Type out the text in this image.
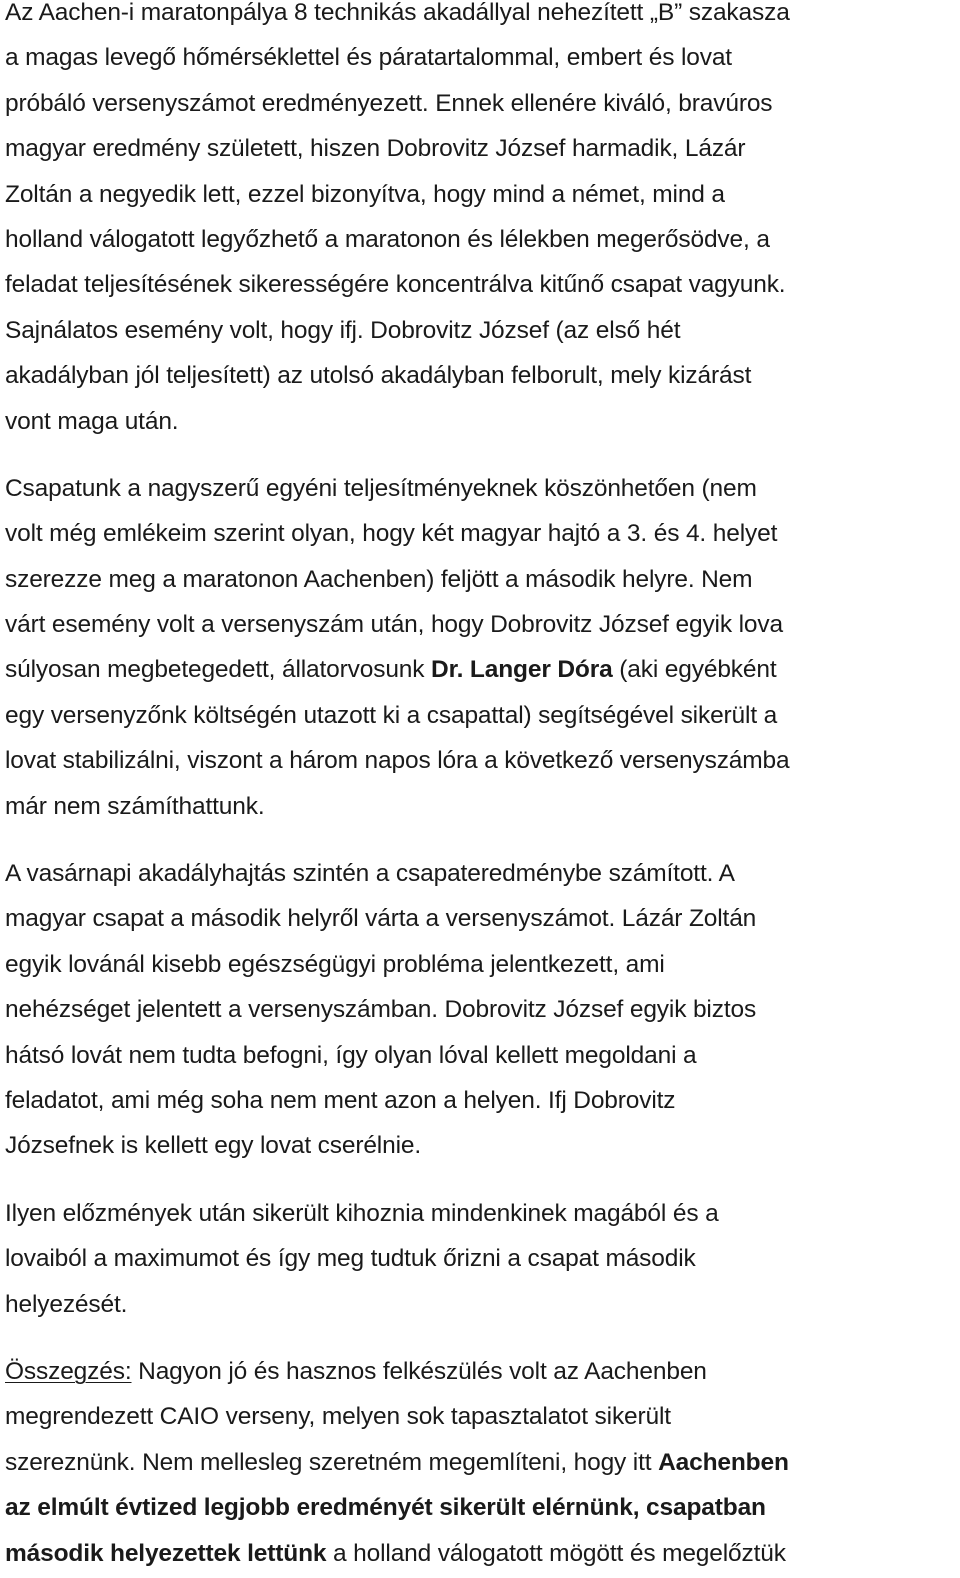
Az Aachen-i maratonpálya 8 technikás akadállyal nehezített „B” szakasza
a magas levegő hőmérséklettel és páratartalommal, embert és lovat
próbáló versenyszámot eredményezett. Ennek ellenére kiváló, bravúros
magyar eredmény született, hiszen Dobrovitz József harmadik, Lázár
Zoltán a negyedik lett, ezzel bizonyítva, hogy mind a német, mind a
holland válogatott legyőzhető a maratonon és lélekben megerősödve, a
feladat teljesítésének sikerességére koncentrálva kitűnő csapat vagyunk.
Sajnálatos esemény volt, hogy ifj. Dobrovitz József (az első hét
akadályban jól teljesített) az utolsó akadályban felborult, mely kizárást
vont maga után.
Csapatunk a nagyszerű egyéni teljesítményeknek köszönhetően (nem
volt még emlékeim szerint olyan, hogy két magyar hajtó a 3. és 4. helyet
szerezze meg a maratonon Aachenben) feljött a második helyre. Nem
várt esemény volt a versenyszám után, hogy Dobrovitz József egyik lova
súlyosan megbetegedett, állatorvosunk Dr. Langer Dóra (aki egyébként
egy versenyzőnk költségén utazott ki a csapattal) segítségével sikerült a
lovat stabilizálni, viszont a három napos lóra a következő versenyszámba
már nem számíthattunk.
A vasárnapi akadályhajtás szintén a csapateredménybe számított. A
magyar csapat a második helyről várta a versenyszámot. Lázár Zoltán
egyik lovánál kisebb egészségügyi probléma jelentkezett, ami
nehézséget jelentett a versenyszámban. Dobrovitz József egyik biztos
hátsó lovát nem tudta befogni, így olyan lóval kellett megoldani a
feladatot, ami még soha nem ment azon a helyen. Ifj Dobrovitz
Józsefnek is kellett egy lovat cserélnie.
Ilyen előzmények után sikerült kihoznia mindenkinek magából és a
lovaiból a maximumot és így meg tudtuk őrizni a csapat második
helyezését.
Összegzés: Nagyon jó és hasznos felkészülés volt az Aachenben
megrendezett CAIO verseny, melyen sok tapasztalatot sikerült
szereznünk. Nem mellesleg szeretném megemlíteni, hogy itt Aachenben
az elmúlt évtized legjobb eredményét sikerült elérnünk, csapatban
második helyezettek lettünk a holland válogatott mögött és megelőztük
